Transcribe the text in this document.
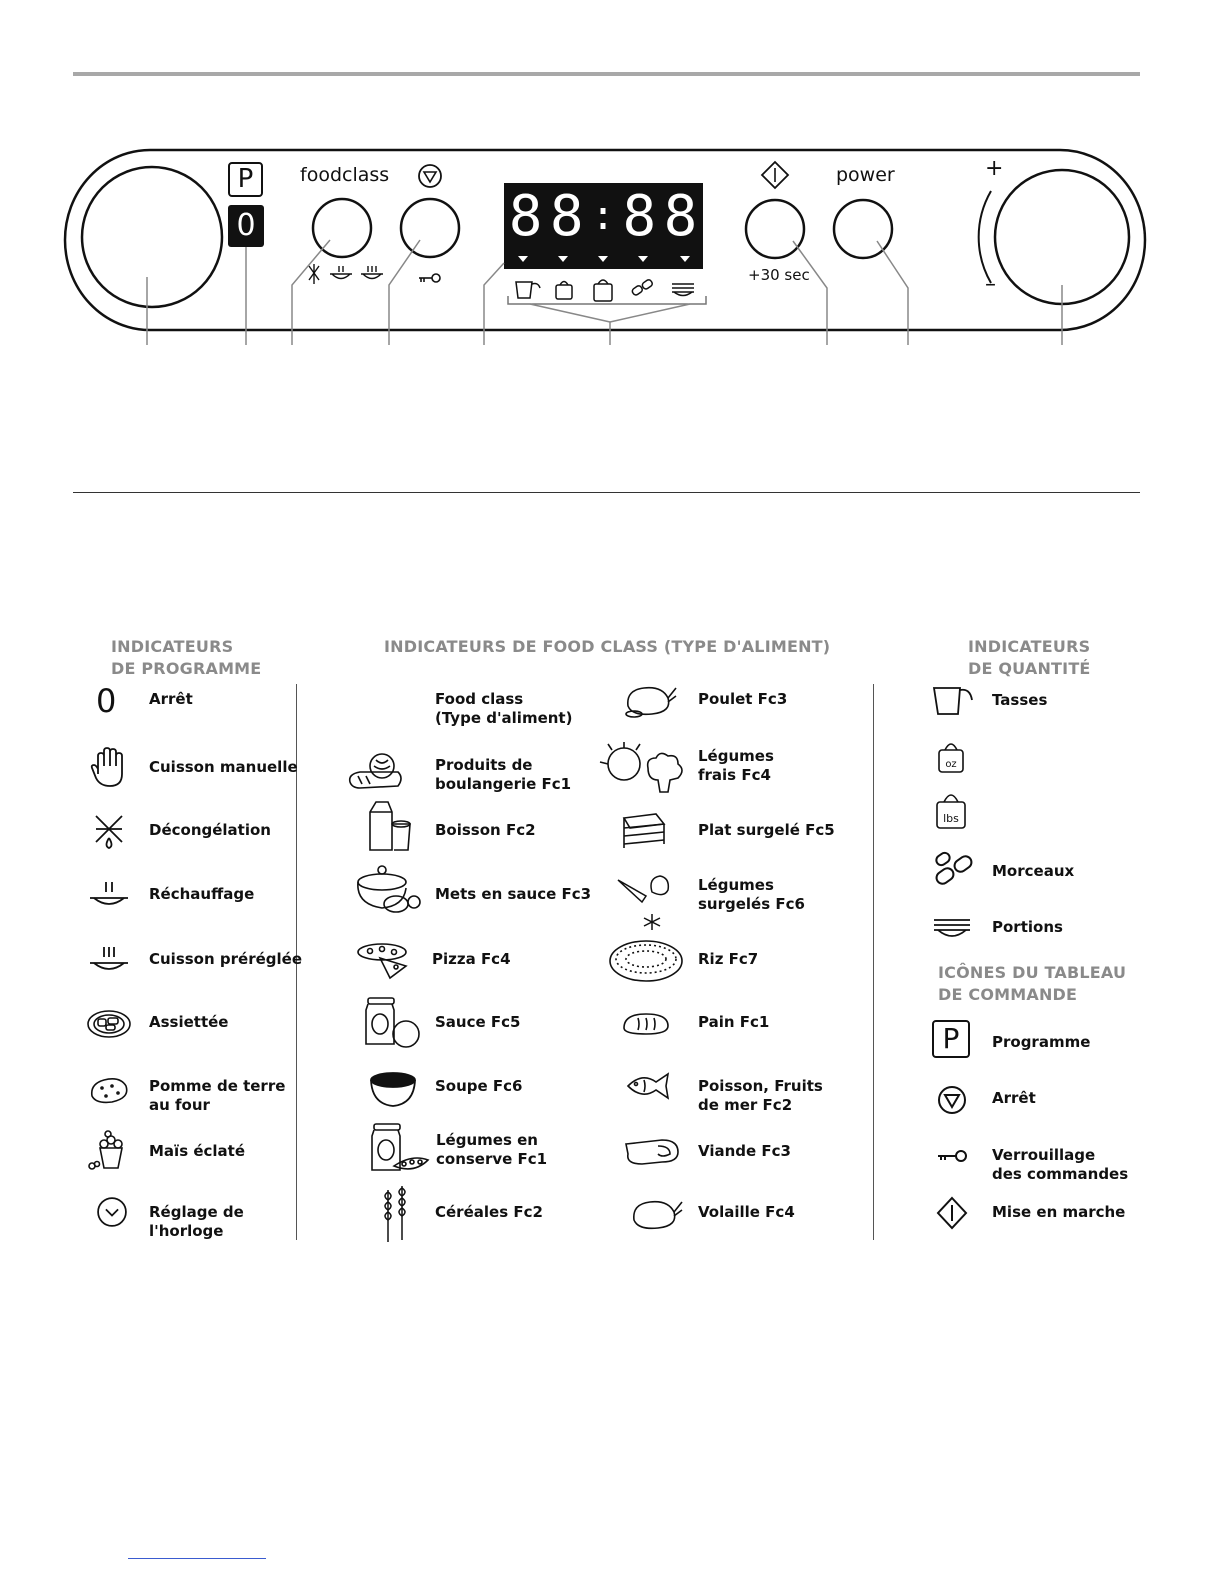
P
0
foodclass
+30 sec
power	+
–
8 8 : 8 8
INDICATEURS
DE PROGRAMME
INDICATEURS DE FOOD CLASS (TYPE D'ALIMENT)	INDICATEURS
DE QUANTITÉ
ICÔNES DU TABLEAU
DE COMMANDE
0 Arrêt
Cuisson manuelle
Décongélation
Réchauffage
Cuisson préréglée
Assiettée
Pomme de terre
au four
Maïs éclaté
Réglage de
l'horloge
Food class
(Type d'aliment)
Produits de
boulangerie Fc1
Boisson Fc2
Mets en sauce Fc3
Pizza Fc4
Sauce Fc5
Soupe Fc6
Légumes en
conserve Fc1
Céréales Fc2
Poulet Fc3
Légumes
frais Fc4
Plat surgelé Fc5
Légumes
surgelés Fc6
Riz Fc7
Pain Fc1
Poisson, Fruits
de mer Fc2
Viande Fc3
Volaille Fc4
Tasses
oz
lbs
Morceaux
Portions
P	Programme
Arrêt
Verrouillage
des commandes
Mise en marche
